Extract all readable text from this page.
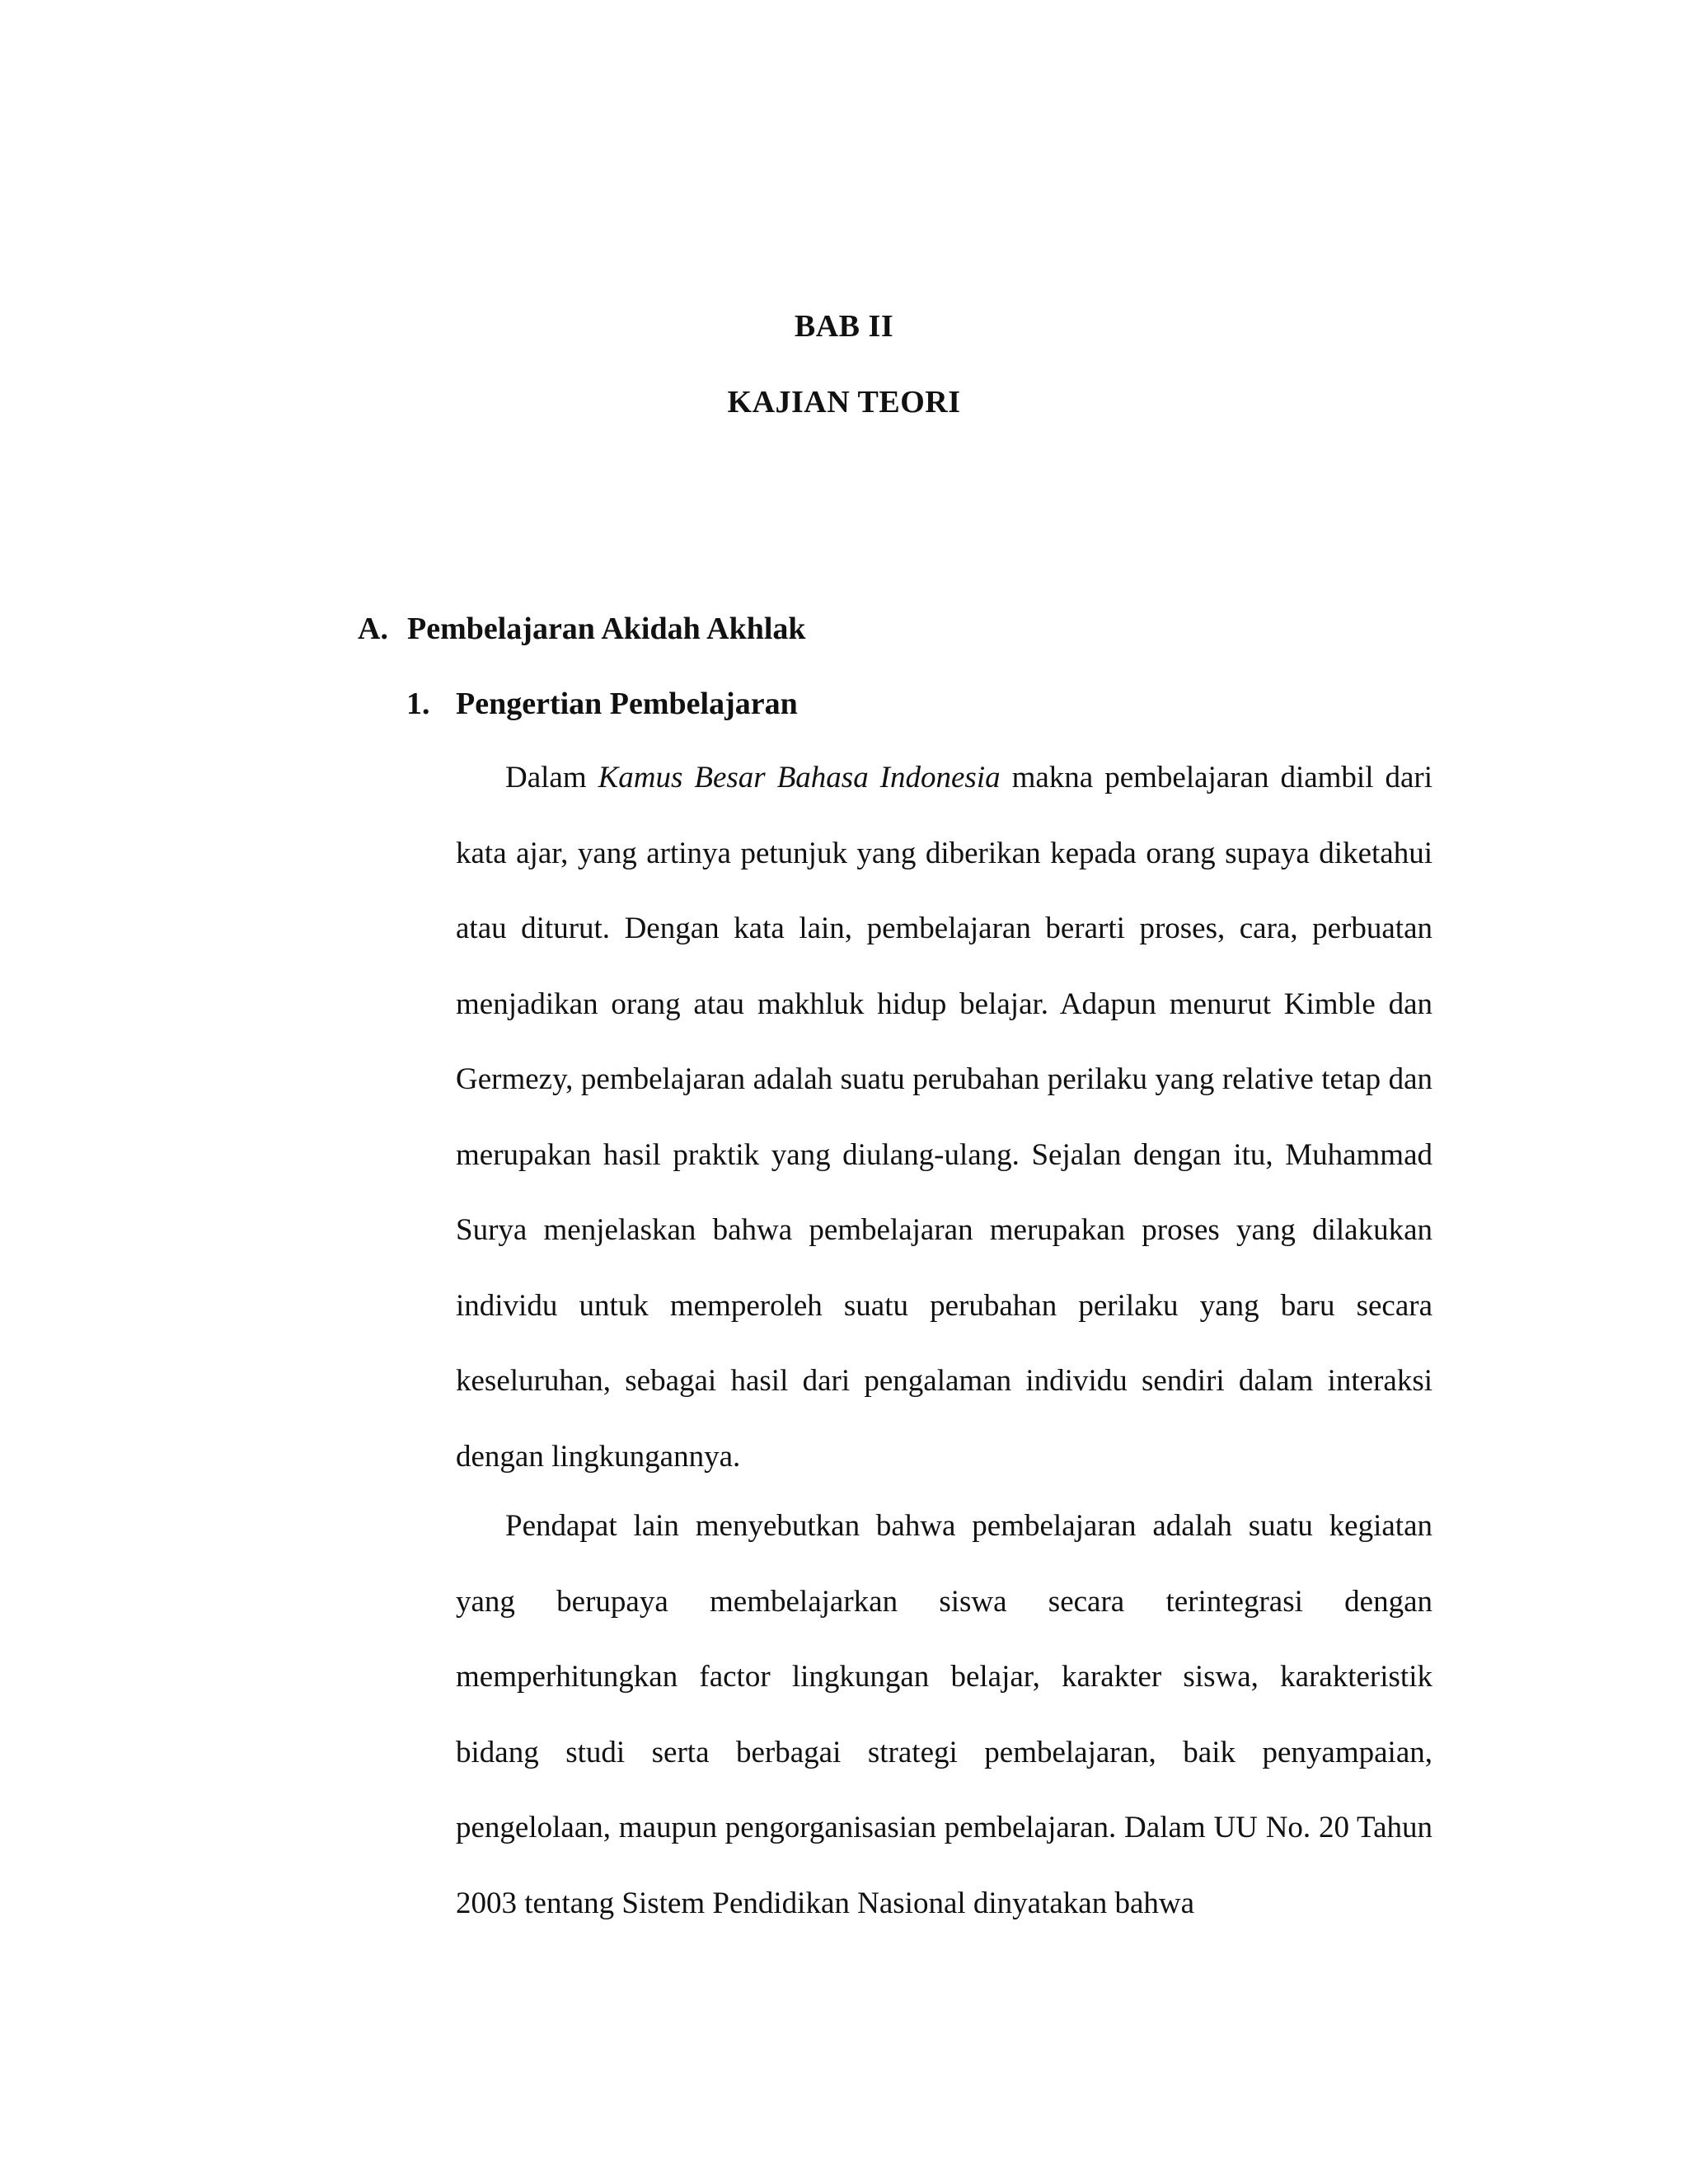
BAB II
KAJIAN TEORI
A. Pembelajaran Akidah Akhlak
1. Pengertian Pembelajaran

Dalam Kamus Besar Bahasa Indonesia makna pembelajaran diambil dari kata ajar, yang artinya petunjuk yang diberikan kepada orang supaya diketahui atau diturut. Dengan kata lain, pembelajaran berarti proses, cara, perbuatan menjadikan orang atau makhluk hidup belajar. Adapun menurut Kimble dan Germezy, pembelajaran adalah suatu perubahan perilaku yang relative tetap dan merupakan hasil praktik yang diulang-ulang. Sejalan dengan itu, Muhammad Surya menjelaskan bahwa pembelajaran merupakan proses yang dilakukan individu untuk memperoleh suatu perubahan perilaku yang baru secara keseluruhan, sebagai hasil dari pengalaman individu sendiri dalam interaksi dengan lingkungannya.

Pendapat lain menyebutkan bahwa pembelajaran adalah suatu kegiatan yang berupaya membelajarkan siswa secara terintegrasi dengan memperhitungkan factor lingkungan belajar, karakter siswa, karakteristik bidang studi serta berbagai strategi pembelajaran, baik penyampaian, pengelolaan, maupun pengorganisasian pembelajaran. Dalam UU No. 20 Tahun 2003 tentang Sistem Pendidikan Nasional dinyatakan bahwa
